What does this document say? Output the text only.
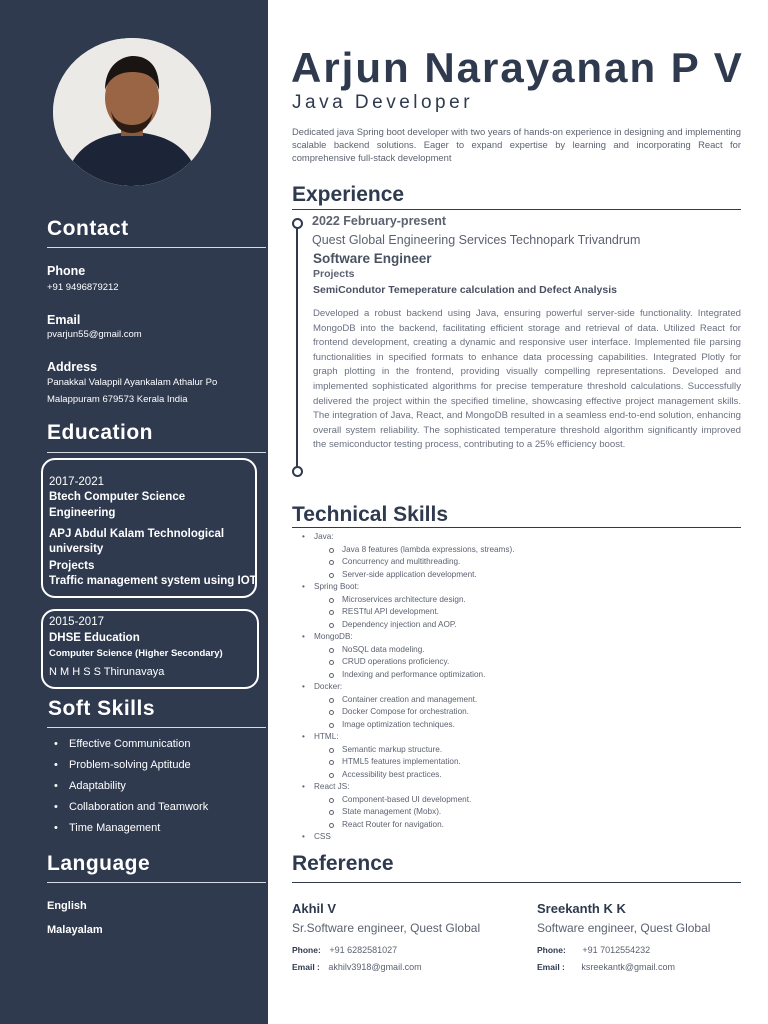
Contact
Phone
+91 9496879212
Email
pvarjun55@gmail.com
Address
Panakkal Valappil Ayankalam Athalur Po
Malappuram 679573 Kerala India
Education
2017-2021
Btech Computer Science
Engineering
APJ Abdul Kalam Technological
university
Projects
Traffic management system using IOT
2015-2017
DHSE Education
Computer Science (Higher Secondary)
N M H S S Thirunavaya
Soft Skills
• Effective Communication
• Problem-solving Aptitude
• Adaptability
• Collaboration and Teamwork
• Time Management
Language
English
Malayalam
Arjun Narayanan P V
Java Developer
Dedicated java Spring boot developer with two years of hands-on experience in designing and implementing scalable backend solutions. Eager to expand expertise by learning and incorporating React for comprehensive full-stack development
Experience
2022 February-present
Quest Global Engineering Services Technopark Trivandrum
Software Engineer
Projects
SemiCondutor Temeperature calculation and Defect Analysis
Developed a robust backend using Java, ensuring powerful server-side functionality. Integrated MongoDB into the backend, facilitating efficient storage and retrieval of data. Utilized React for frontend development, creating a dynamic and responsive user interface. Implemented file parsing functionalities in specified formats to enhance data processing capabilities. Integrated Plotly for graph plotting in the frontend, providing visually compelling representations. Developed and implemented sophisticated algorithms for precise temperature threshold calculations. Successfully delivered the project within the specified timeline, showcasing effective project management skills. The integration of Java, React, and MongoDB resulted in a seamless end-to-end solution, enhancing overall system reliability. The sophisticated temperature threshold algorithm significantly improved the semiconductor testing process, contributing to a 25% efficiency boost.
Technical Skills
• Java:
Java 8 features (lambda expressions, streams).
Concurrency and multithreading.
Server-side application development.
• Spring Boot:
Microservices architecture design.
RESTful API development.
Dependency injection and AOP.
• MongoDB:
NoSQL data modeling.
CRUD operations proficiency.
Indexing and performance optimization.
• Docker:
Container creation and management.
Docker Compose for orchestration.
Image optimization techniques.
• HTML:
Semantic markup structure.
HTML5 features implementation.
Accessibility best practices.
• React JS:
Component-based UI development.
State management (Mobx).
React Router for navigation.
• CSS
Reference
Akhil V
Sr.Software engineer, Quest Global
Phone: +91 6282581027
Email : akhilv3918@gmail.com
Sreekanth K K
Software engineer, Quest Global
Phone: +91 7012554232
Email : ksreekantk@gmail.com
